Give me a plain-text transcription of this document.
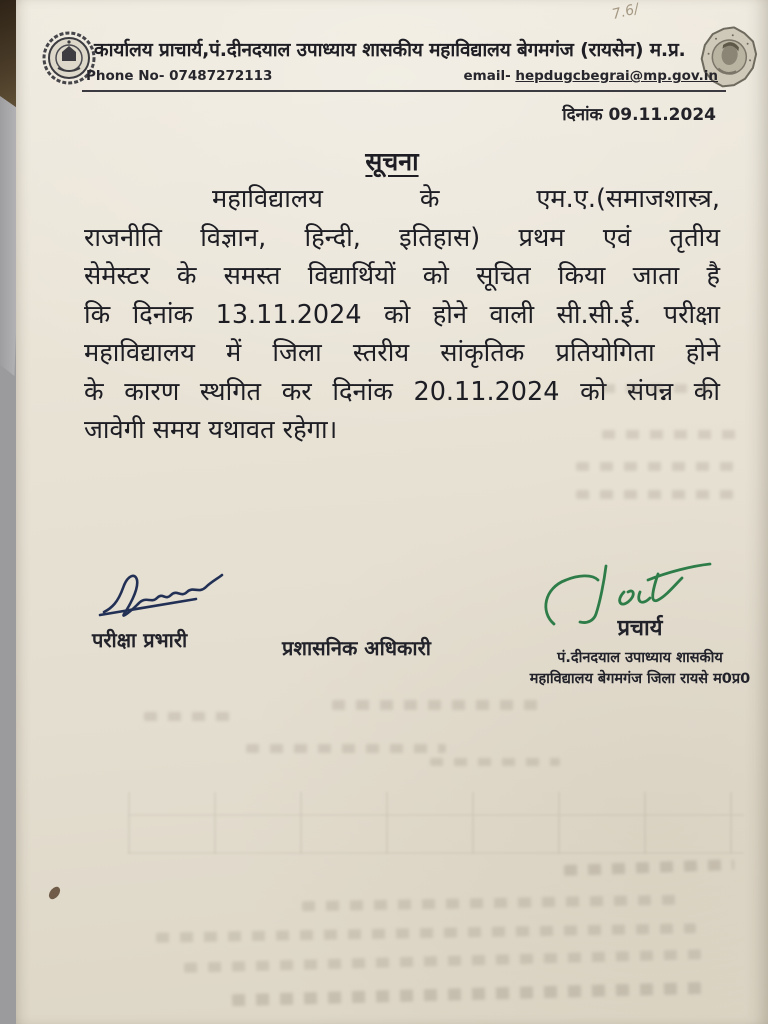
7.6/
कार्यालय प्राचार्य,पं.दीनदयाल उपाध्याय शासकीय महाविद्यालय बेगमगंज (रायसेन) म.प्र.
Phone No- 07487272113	email- hepdugcbegrai@mp.gov.in
दिनांक 09.11.2024
सूचना
महाविद्यालय के एम.ए.(समाजशास्त्र,
राजनीति विज्ञान, हिन्दी, इतिहास) प्रथम एवं तृतीय
सेमेस्टर के समस्त विद्यार्थियों को सूचित किया जाता है
कि दिनांक 13.11.2024 को होने वाली सी.सी.ई. परीक्षा
महाविद्यालय में जिला स्तरीय सांकृतिक प्रतियोगिता होने
के कारण स्थगित कर दिनांक 20.11.2024 को संपन्न की
जावेगी समय यथावत रहेगा।
परीक्षा प्रभारी	प्रशासनिक अधिकारी
प्रचार्य
पं.दीनदयाल उपाध्याय शासकीय
महाविद्यालय बेगमगंज जिला रायसे म0प्र0
